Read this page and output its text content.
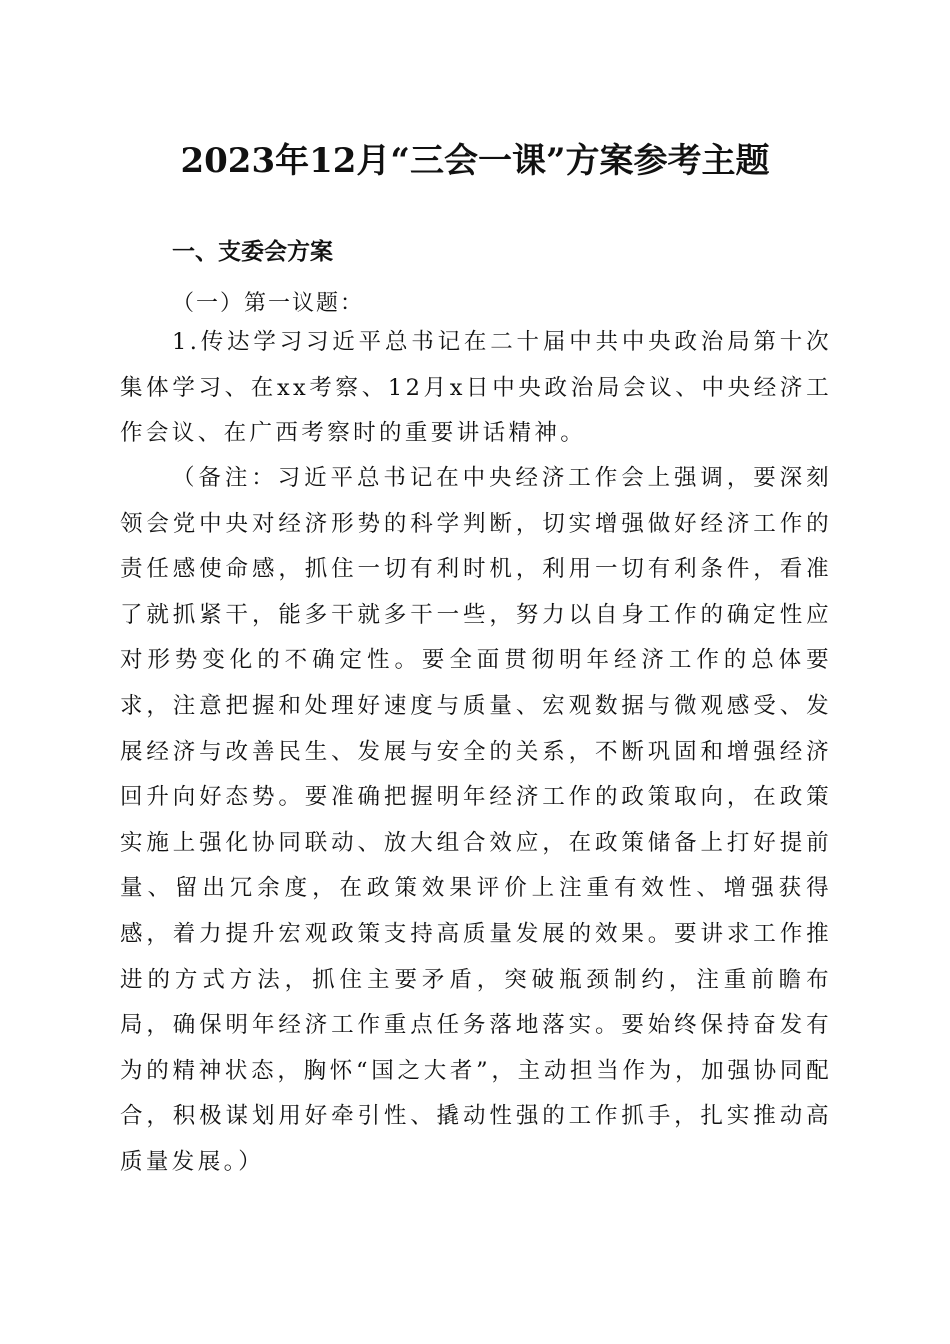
2023年12月“三会一课”方案参考主题

一、支委会方案

（一）第一议题：

1.传达学习习近平总书记在二十届中共中央政治局第十次集体学习、在xx考察、12月x日中央政治局会议、中央经济工作会议、在广西考察时的重要讲话精神。

（备注：习近平总书记在中央经济工作会上强调，要深刻领会党中央对经济形势的科学判断，切实增强做好经济工作的责任感使命感，抓住一切有利时机，利用一切有利条件，看准了就抓紧干，能多干就多干一些，努力以自身工作的确定性应对形势变化的不确定性。要全面贯彻明年经济工作的总体要求，注意把握和处理好速度与质量、宏观数据与微观感受、发展经济与改善民生、发展与安全的关系，不断巩固和增强经济回升向好态势。要准确把握明年经济工作的政策取向，在政策实施上强化协同联动、放大组合效应，在政策储备上打好提前量、留出冗余度，在政策效果评价上注重有效性、增强获得感，着力提升宏观政策支持高质量发展的效果。要讲求工作推进的方式方法，抓住主要矛盾，突破瓶颈制约，注重前瞻布局，确保明年经济工作重点任务落地落实。要始终保持奋发有为的精神状态，胸怀“国之大者”，主动担当作为，加强协同配合，积极谋划用好牵引性、撬动性强的工作抓手，扎实推动高质量发展。）
